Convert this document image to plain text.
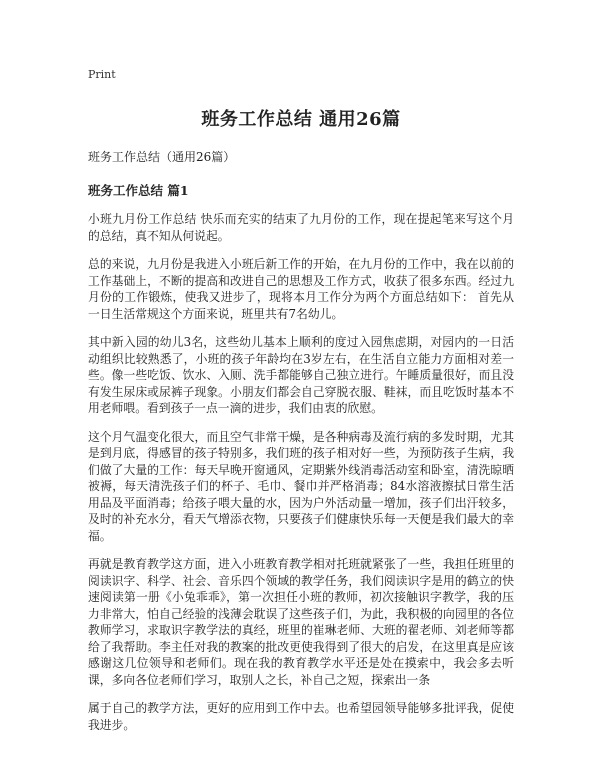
Print
班务工作总结 通用26篇
班务工作总结（通用26篇）
班务工作总结 篇1

小班九月份工作总结 快乐而充实的结束了九月份的工作，现在提起笔来写这个月的总结，真不知从何说起。

总的来说，九月份是我进入小班后新工作的开始，在九月份的工作中，我在以前的工作基础上，不断的提高和改进自己的思想及工作方式，收获了很多东西。经过九月份的工作锻炼，使我又进步了，现将本月工作分为两个方面总结如下： 首先从一日生活常规这个方面来说，班里共有7名幼儿。

其中新入园的幼儿3名，这些幼儿基本上顺利的度过入园焦虑期，对园内的一日活动组织比较熟悉了，小班的孩子年龄均在3岁左右，在生活自立能力方面相对差一些。像一些吃饭、饮水、入厕、洗手都能够自己独立进行。午睡质量很好，而且没有发生尿床或尿裤子现象。小朋友们都会自己穿脱衣服、鞋袜，而且吃饭时基本不用老师喂。看到孩子一点一滴的进步，我们由衷的欣慰。

这个月气温变化很大，而且空气非常干燥，是各种病毒及流行病的多发时期，尤其是到月底，得感冒的孩子特别多，我们班的孩子相对好一些，为预防孩子生病，我们做了大量的工作：每天早晚开窗通风，定期紫外线消毒活动室和卧室，清洗晾晒被褥，每天清洗孩子们的杯子、毛巾、餐巾并严格消毒；84水溶液擦拭日常生活用品及平面消毒；给孩子喂大量的水，因为户外活动量一增加，孩子们出汗较多，及时的补充水分，看天气增添衣物，只要孩子们健康快乐每一天便是我们最大的幸福。

再就是教育教学这方面，进入小班教育教学相对托班就紧张了一些，我担任班里的阅读识字、科学、社会、音乐四个领域的教学任务，我们阅读识字是用的鹤立的快速阅读第一册《小兔乖乖》，第一次担任小班的教师，初次接触识字教学，我的压力非常大，怕自己经验的浅薄会耽误了这些孩子们，为此，我积极的向园里的各位教师学习，求取识字教学法的真经，班里的崔琳老师、大班的翟老师、刘老师等都给了我帮助。李主任对我的教案的批改更使我得到了很大的启发，在这里真是应该感谢这几位领导和老师们。现在我的教育教学水平还是处在摸索中，我会多去听课，多向各位老师们学习，取别人之长，补自己之短，探索出一条

属于自己的教学方法，更好的应用到工作中去。也希望园领导能够多批评我，促使我进步。
